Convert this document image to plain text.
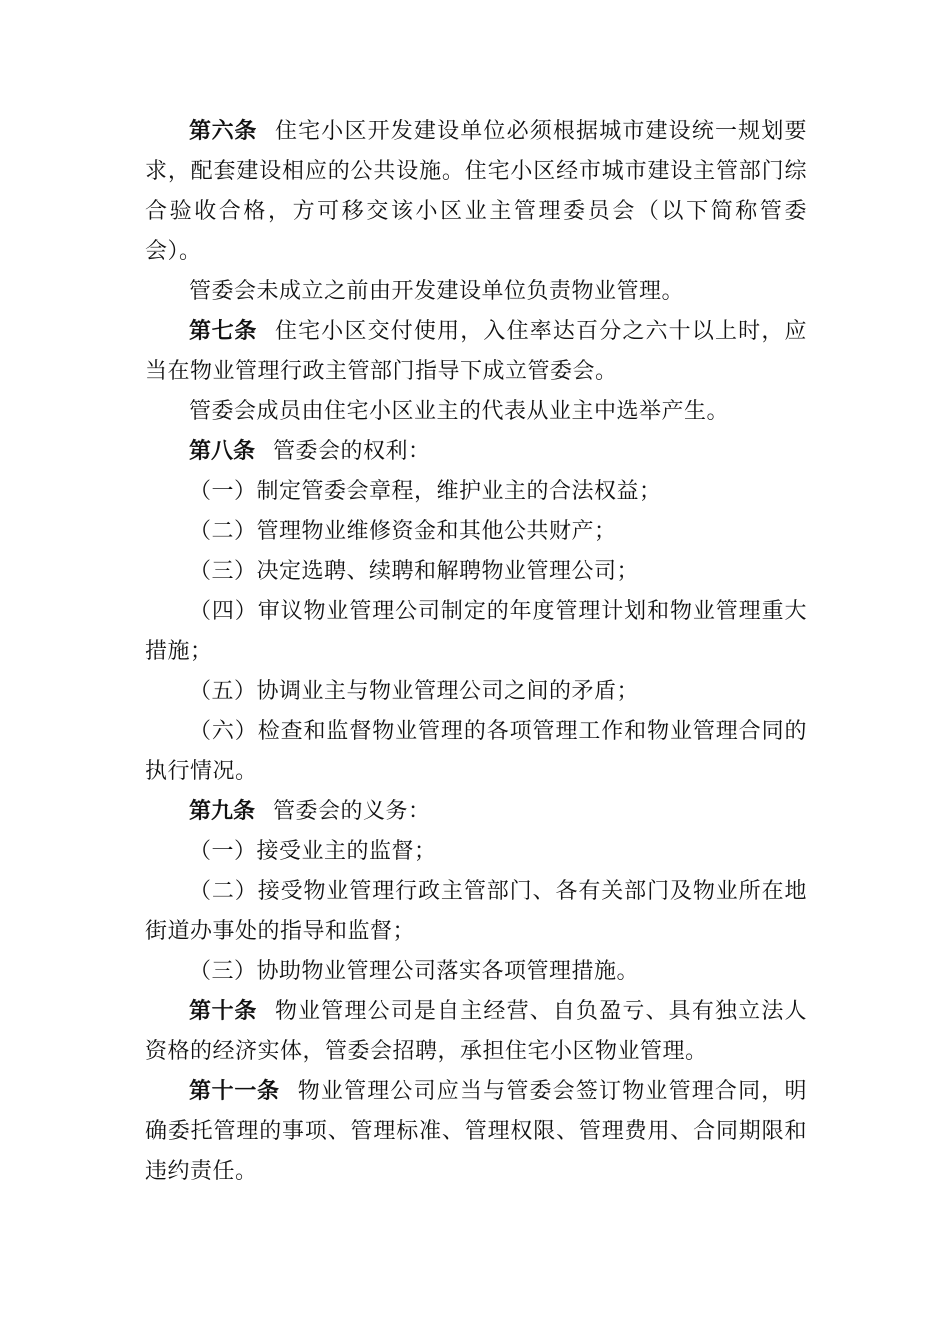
第六条 住宅小区开发建设单位必须根据城市建设统一规划要求，配套建设相应的公共设施。住宅小区经市城市建设主管部门综合验收合格，方可移交该小区业主管理委员会（以下简称管委会）。

管委会未成立之前由开发建设单位负责物业管理。

第七条 住宅小区交付使用，入住率达百分之六十以上时，应当在物业管理行政主管部门指导下成立管委会。

管委会成员由住宅小区业主的代表从业主中选举产生。

第八条 管委会的权利：

（一）制定管委会章程，维护业主的合法权益；

（二）管理物业维修资金和其他公共财产；

（三）决定选聘、续聘和解聘物业管理公司；

（四）审议物业管理公司制定的年度管理计划和物业管理重大措施；

（五）协调业主与物业管理公司之间的矛盾；

（六）检查和监督物业管理的各项管理工作和物业管理合同的执行情况。

第九条 管委会的义务：

（一）接受业主的监督；

（二）接受物业管理行政主管部门、各有关部门及物业所在地街道办事处的指导和监督；

（三）协助物业管理公司落实各项管理措施。

第十条 物业管理公司是自主经营、自负盈亏、具有独立法人资格的经济实体，管委会招聘，承担住宅小区物业管理。

第十一条 物业管理公司应当与管委会签订物业管理合同，明确委托管理的事项、管理标准、管理权限、管理费用、合同期限和违约责任。
